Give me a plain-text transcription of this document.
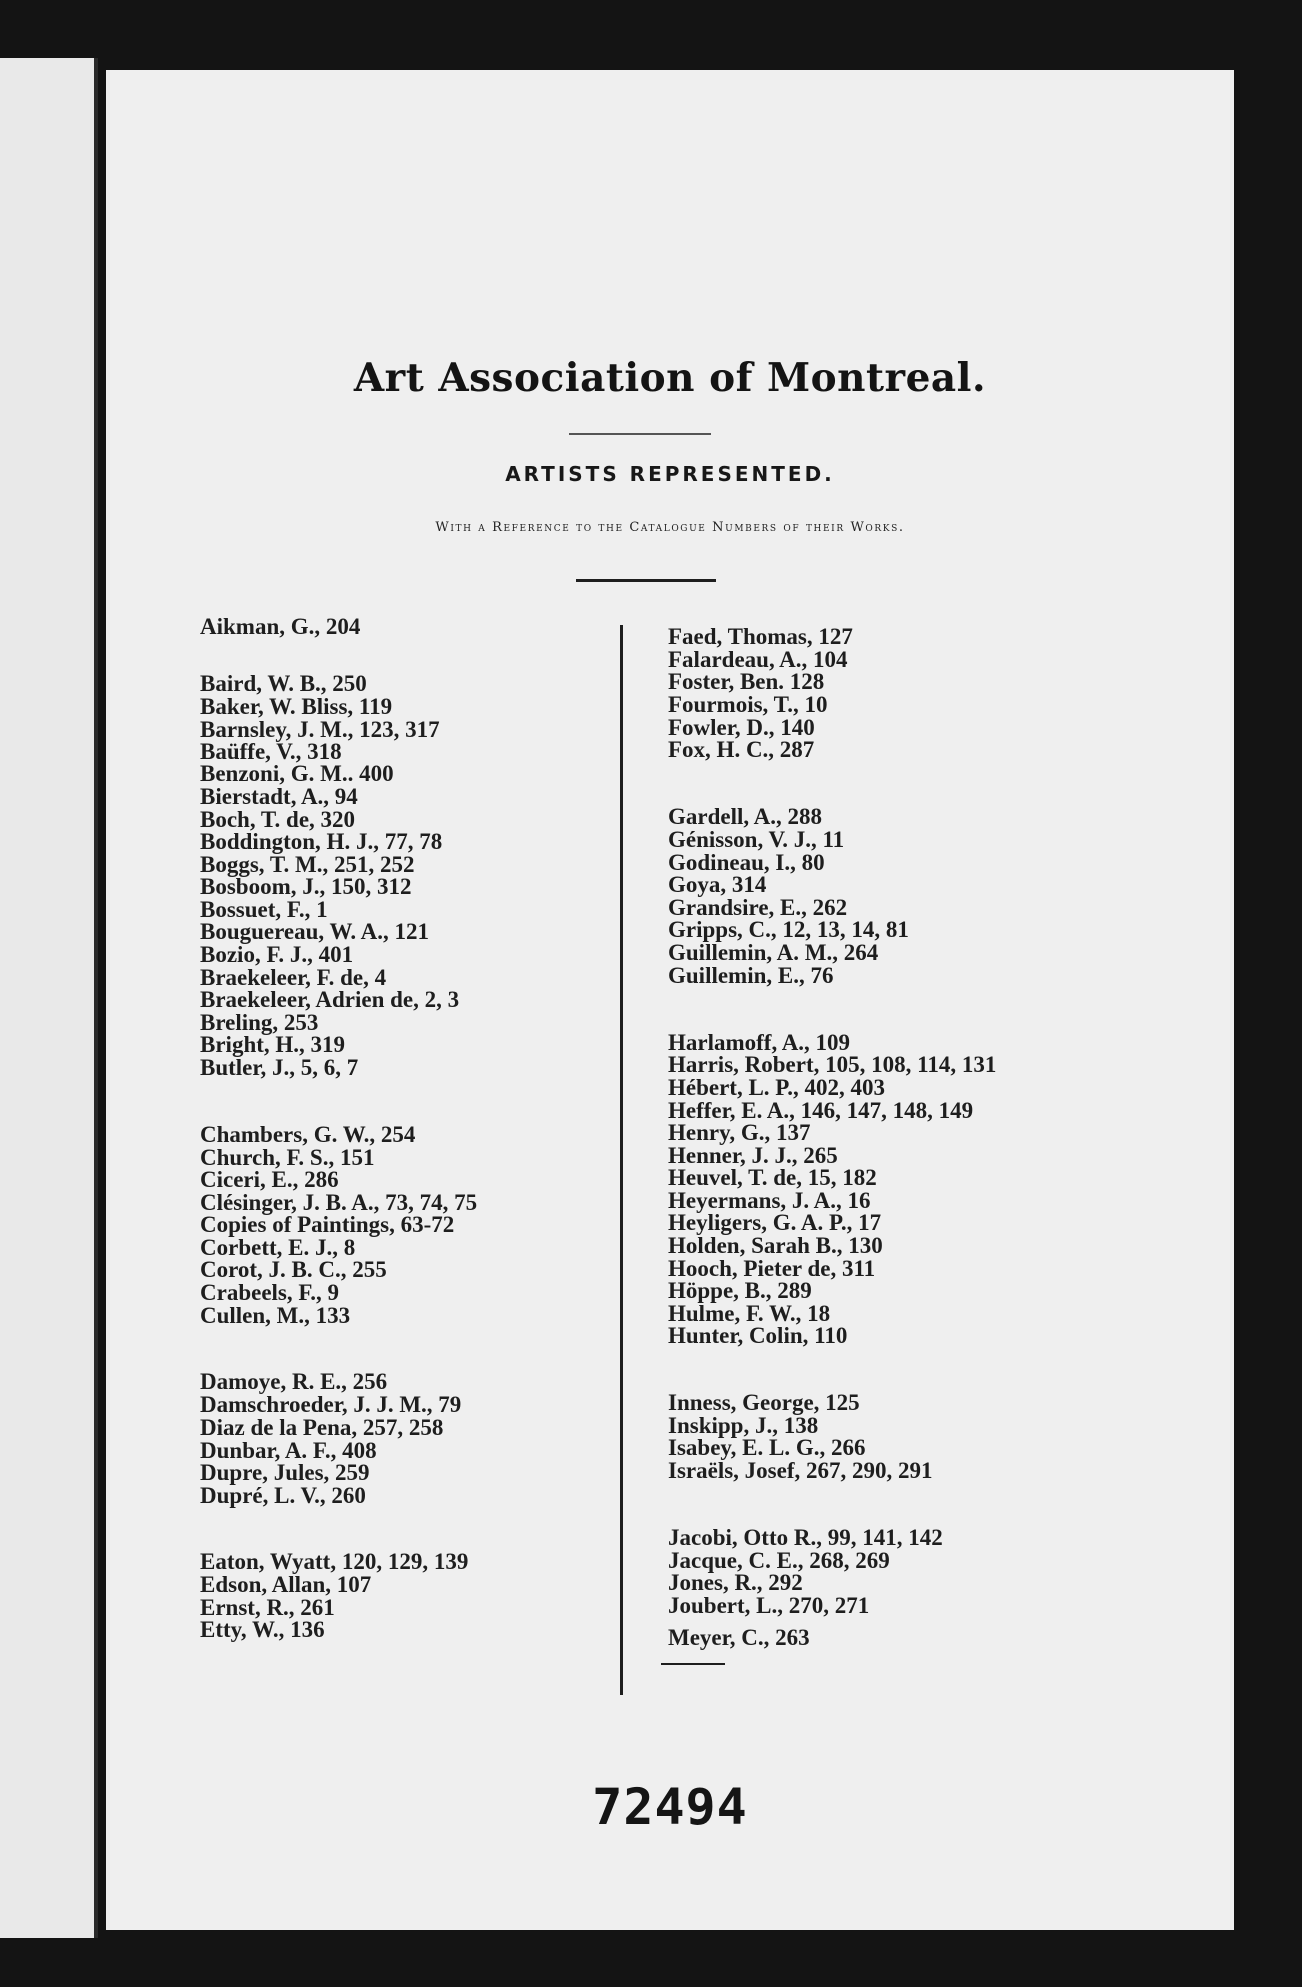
Art Association of Montreal.
ARTISTS REPRESENTED.
With a Reference to the Catalogue Numbers of their Works.
Aikman, G., 204
Baird, W. B., 250
Baker, W. Bliss, 119
Barnsley, J. M., 123, 317
Baüffe, V., 318
Benzoni, G. M.. 400
Bierstadt, A., 94
Boch, T. de, 320
Boddington, H. J., 77, 78
Boggs, T. M., 251, 252
Bosboom, J., 150, 312
Bossuet, F., 1
Bouguereau, W. A., 121
Bozio, F. J., 401
Braekeleer, F. de, 4
Braekeleer, Adrien de, 2, 3
Breling, 253
Bright, H., 319
Butler, J., 5, 6, 7
Chambers, G. W., 254
Church, F. S., 151
Ciceri, E., 286
Clésinger, J. B. A., 73, 74, 75
Copies of Paintings, 63-72
Corbett, E. J., 8
Corot, J. B. C., 255
Crabeels, F., 9
Cullen, M., 133
Damoye, R. E., 256
Damschroeder, J. J. M., 79
Diaz de la Pena, 257, 258
Dunbar, A. F., 408
Dupre, Jules, 259
Dupré, L. V., 260
Eaton, Wyatt, 120, 129, 139
Edson, Allan, 107
Ernst, R., 261
Etty, W., 136
Faed, Thomas, 127
Falardeau, A., 104
Foster, Ben. 128
Fourmois, T., 10
Fowler, D., 140
Fox, H. C., 287
Gardell, A., 288
Génisson, V. J., 11
Godineau, I., 80
Goya, 314
Grandsire, E., 262
Gripps, C., 12, 13, 14, 81
Guillemin, A. M., 264
Guillemin, E., 76
Harlamoff, A., 109
Harris, Robert, 105, 108, 114, 131
Hébert, L. P., 402, 403
Heffer, E. A., 146, 147, 148, 149
Henry, G., 137
Henner, J. J., 265
Heuvel, T. de, 15, 182
Heyermans, J. A., 16
Heyligers, G. A. P., 17
Holden, Sarah B., 130
Hooch, Pieter de, 311
Höppe, B., 289
Hulme, F. W., 18
Hunter, Colin, 110
Inness, George, 125
Inskipp, J., 138
Isabey, E. L. G., 266
Israëls, Josef, 267, 290, 291
Jacobi, Otto R., 99, 141, 142
Jacque, C. E., 268, 269
Jones, R., 292
Joubert, L., 270, 271
Meyer, C., 263
72494
